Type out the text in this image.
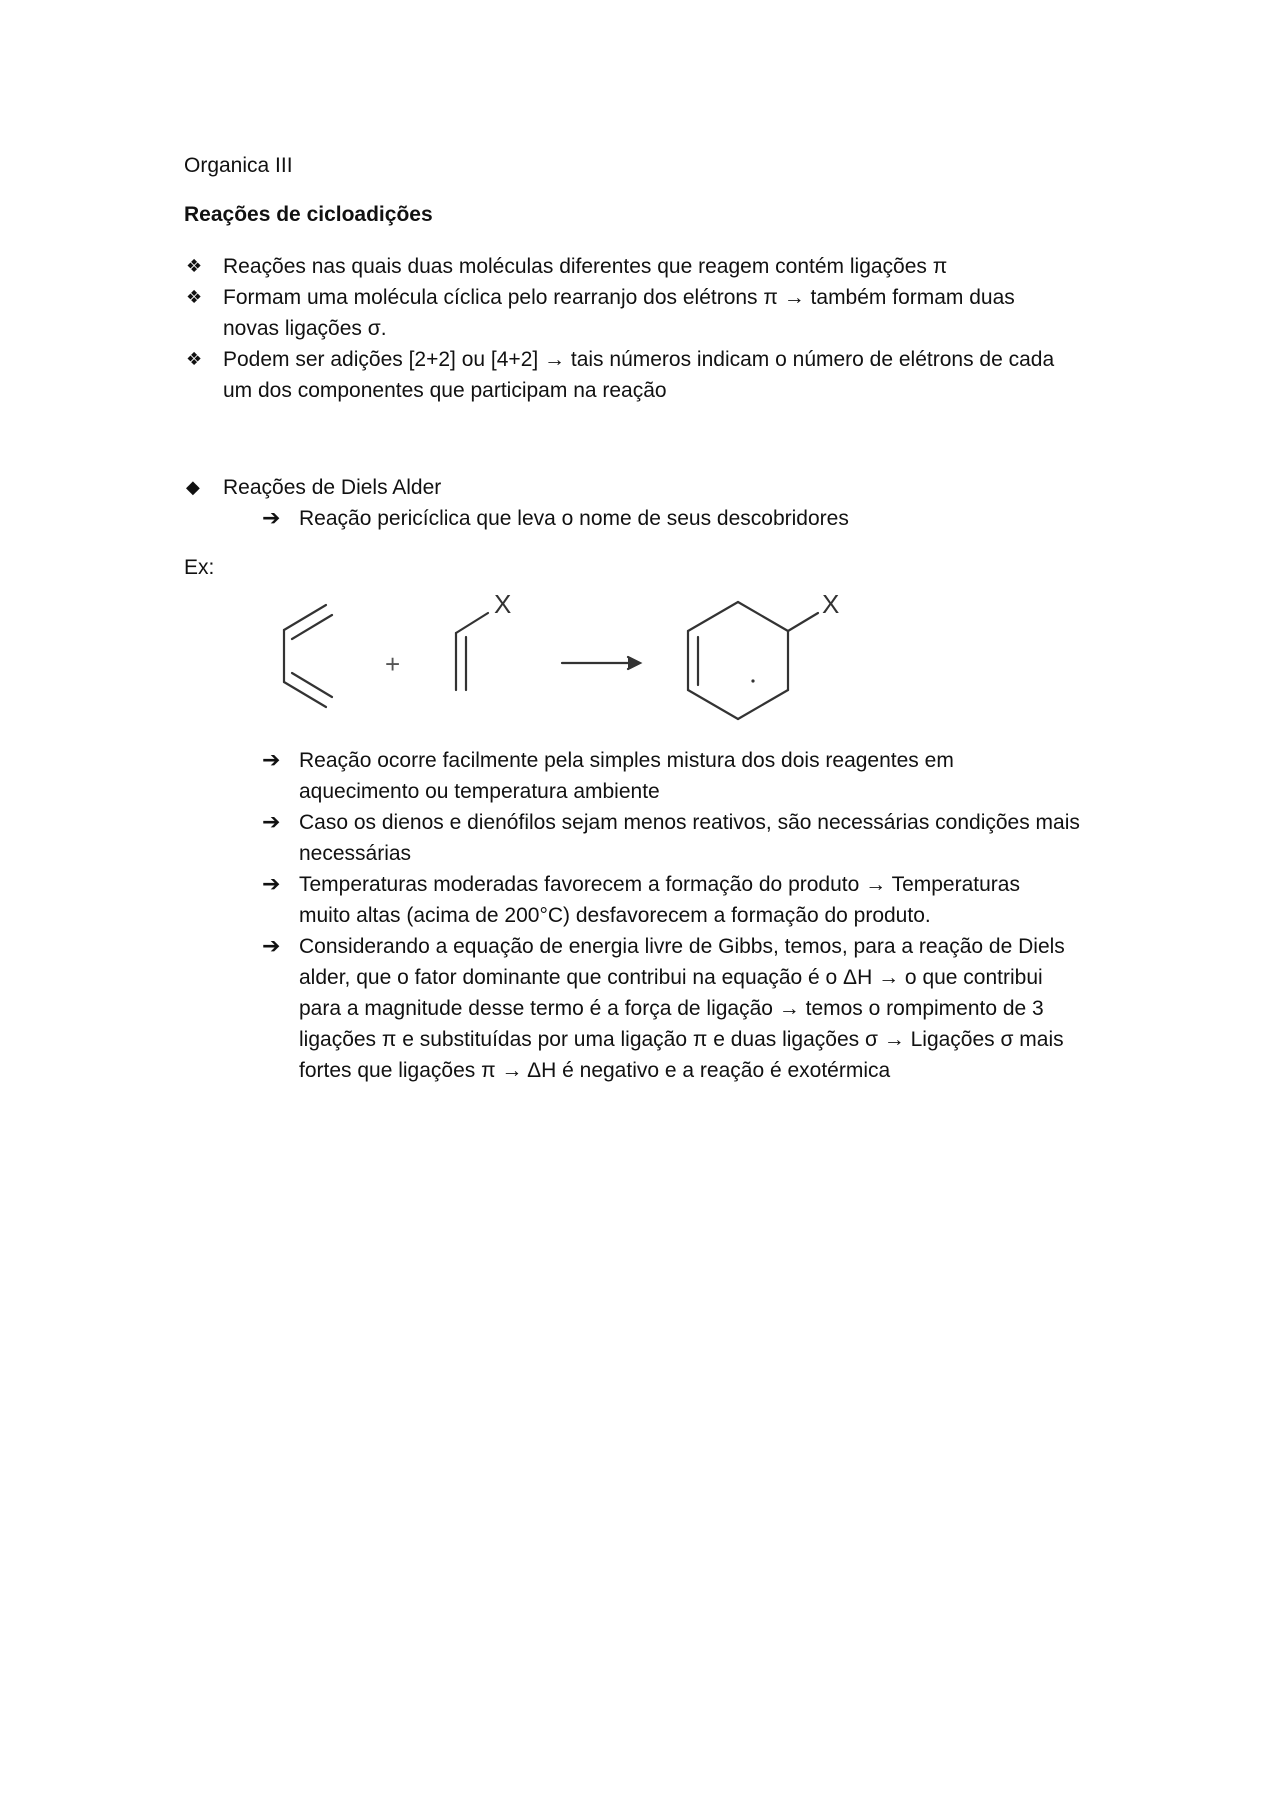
Organica III
Reações de cicloadições
❖ Reações nas quais duas moléculas diferentes que reagem contém ligações π
❖ Formam uma molécula cíclica pelo rearranjo dos elétrons π → também formam duas
novas ligações σ.
❖ Podem ser adições [2+2] ou [4+2] → tais números indicam o número de elétrons de cada
um dos componentes que participam na reação
◆ Reações de Diels Alder
➔ Reação pericíclica que leva o nome de seus descobridores
Ex:
X
+
X
➔ Reação ocorre facilmente pela simples mistura dos dois reagentes em
aquecimento ou temperatura ambiente
➔ Caso os dienos e dienófilos sejam menos reativos, são necessárias condições mais
necessárias
➔ Temperaturas moderadas favorecem a formação do produto → Temperaturas
muito altas (acima de 200°C) desfavorecem a formação do produto.
➔ Considerando a equação de energia livre de Gibbs, temos, para a reação de Diels
alder, que o fator dominante que contribui na equação é o ΔH → o que contribui
para a magnitude desse termo é a força de ligação → temos o rompimento de 3
ligações π e substituídas por uma ligação π e duas ligações σ → Ligações σ mais
fortes que ligações π → ΔH é negativo e a reação é exotérmica
